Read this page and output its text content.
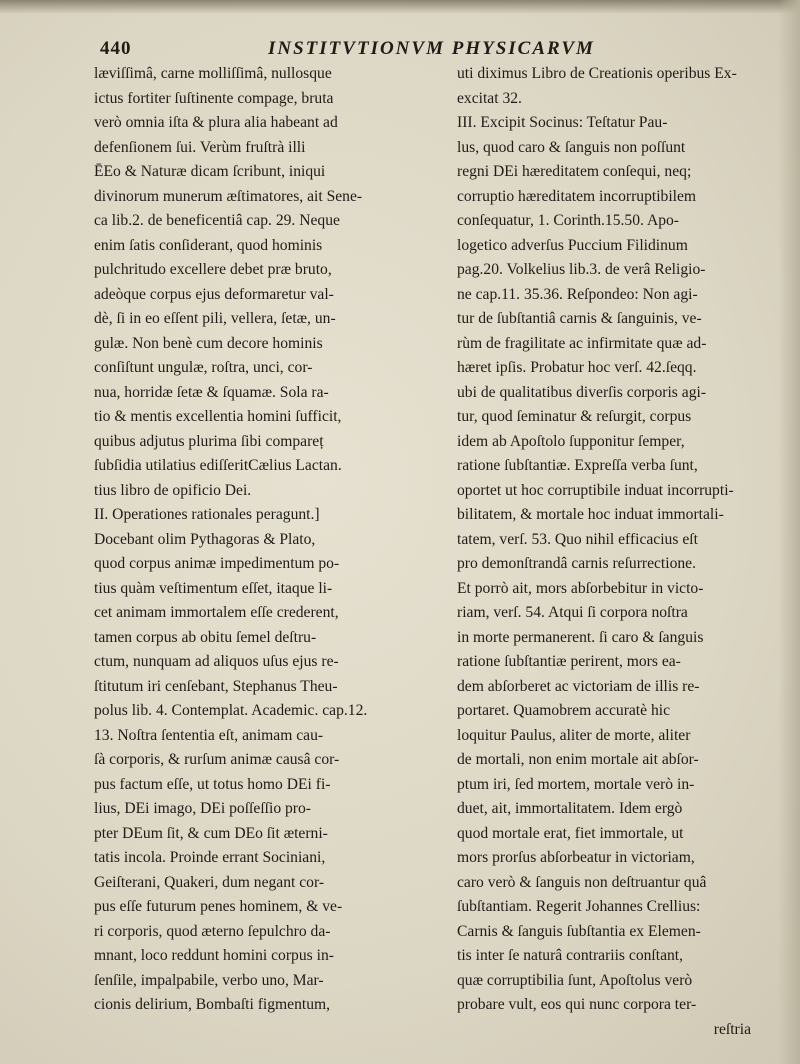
440	INSTITVTIONVM PHYSICARVM
læviſſimâ, carne molliſſimâ, nullosque
ictus fortiter ſuſtinente compage, bruta
verò omnia iſta & plura alia habeant ad
defenſionem ſui. Verùm fruſtrà illi
ĒEo & Naturæ dicam ſcribunt, iniqui
divinorum munerum æſtimatores, ait Sene-
ca lib.2. de beneficentiâ cap. 29. Neque
enim ſatis conſiderant, quod hominis
pulchritudo excellere debet præ bruto,
adeòque corpus ejus deformaretur val-
dè, ſi in eo eſſent pili, vellera, ſetæ, un-
gulæ. Non benè cum decore hominis
conſiſtunt ungulæ, roſtra, unci, cor-
nua, horridæ ſetæ & ſquamæ. Sola ra-
tio & mentis excellentia homini ſufficit,
quibus adjutus plurima ſibi compareț
ſubſidia utilatius ediſſeritCælius Lactan.
tius libro de opificio Dei.
II. Operationes rationales peragunt.]
Docebant olim Pythagoras & Plato,
quod corpus animæ impedimentum po-
tius quàm veſtimentum eſſet, itaque li-
cet animam immortalem eſſe crederent,
tamen corpus ab obitu ſemel deſtru-
ctum, nunquam ad aliquos uſus ejus re-
ſtitutum iri cenſebant, Stephanus Theu-
polus lib. 4. Contemplat. Academic. cap.12.
13. Noſtra ſententia eſt, animam cau-
ſà corporis, & rurſum animæ causâ cor-
pus factum eſſe, ut totus homo DEi fi-
lius, DEi imago, DEi poſſeſſio pro-
pter DEum ſit, & cum DEo ſit æterni-
tatis incola. Proinde errant Sociniani,
Geiſterani, Quakeri, dum negant cor-
pus eſſe futurum penes hominem, & ve-
ri corporis, quod æterno ſepulchro da-
mnant, loco reddunt homini corpus in-
ſenſile, impalpabile, verbo uno, Mar-
cionis delirium, Bombaſti figmentum,
uti diximus Libro de Creationis operibus Ex-
excitat 32.
III. Excipit Socinus: Teſtatur Pau-
lus, quod caro & ſanguis non poſſunt
regni DEi hæreditatem conſequi, neq;
corruptio hæreditatem incorruptibilem
conſequatur, 1. Corinth.15.50. Apo-
logetico adverſus Puccium Filidinum
pag.20. Volkelius lib.3. de verâ Religio-
ne cap.11. 35.36. Reſpondeo: Non agi-
tur de ſubſtantiâ carnis & ſanguinis, ve-
rùm de fragilitate ac infirmitate quæ ad-
hæret ipſis. Probatur hoc verſ. 42.ſeqq.
ubi de qualitatibus diverſis corporis agi-
tur, quod ſeminatur & reſurgit, corpus
idem ab Apoſtolo ſupponitur ſemper,
ratione ſubſtantiæ. Expreſſa verba ſunt,
oportet ut hoc corruptibile induat incorrupti-
bilitatem, & mortale hoc induat immortali-
tatem, verſ. 53. Quo nihil efficacius eſt
pro demonſtrandâ carnis reſurrectione.
Et porrò ait, mors abſorbebitur in victo-
riam, verſ. 54. Atqui ſi corpora noſtra
in morte permanerent. ſi caro & ſanguis
ratione ſubſtantiæ perirent, mors ea-
dem abſorberet ac victoriam de illis re-
portaret. Quamobrem accuratè hic
loquitur Paulus, aliter de morte, aliter
de mortali, non enim mortale ait abſor-
ptum iri, ſed mortem, mortale verò in-
duet, ait, immortalitatem. Idem ergò
quod mortale erat, fiet immortale, ut
mors prorſus abſorbeatur in victoriam,
caro verò & ſanguis non deſtruantur quâ
ſubſtantiam. Regerit Johannes Crellius:
Carnis & ſanguis ſubſtantia ex Elemen-
tis inter ſe naturâ contrariis conſtant,
quæ corruptibilia ſunt, Apoſtolus verò
probare vult, eos qui nunc corpora ter-
reſtria
